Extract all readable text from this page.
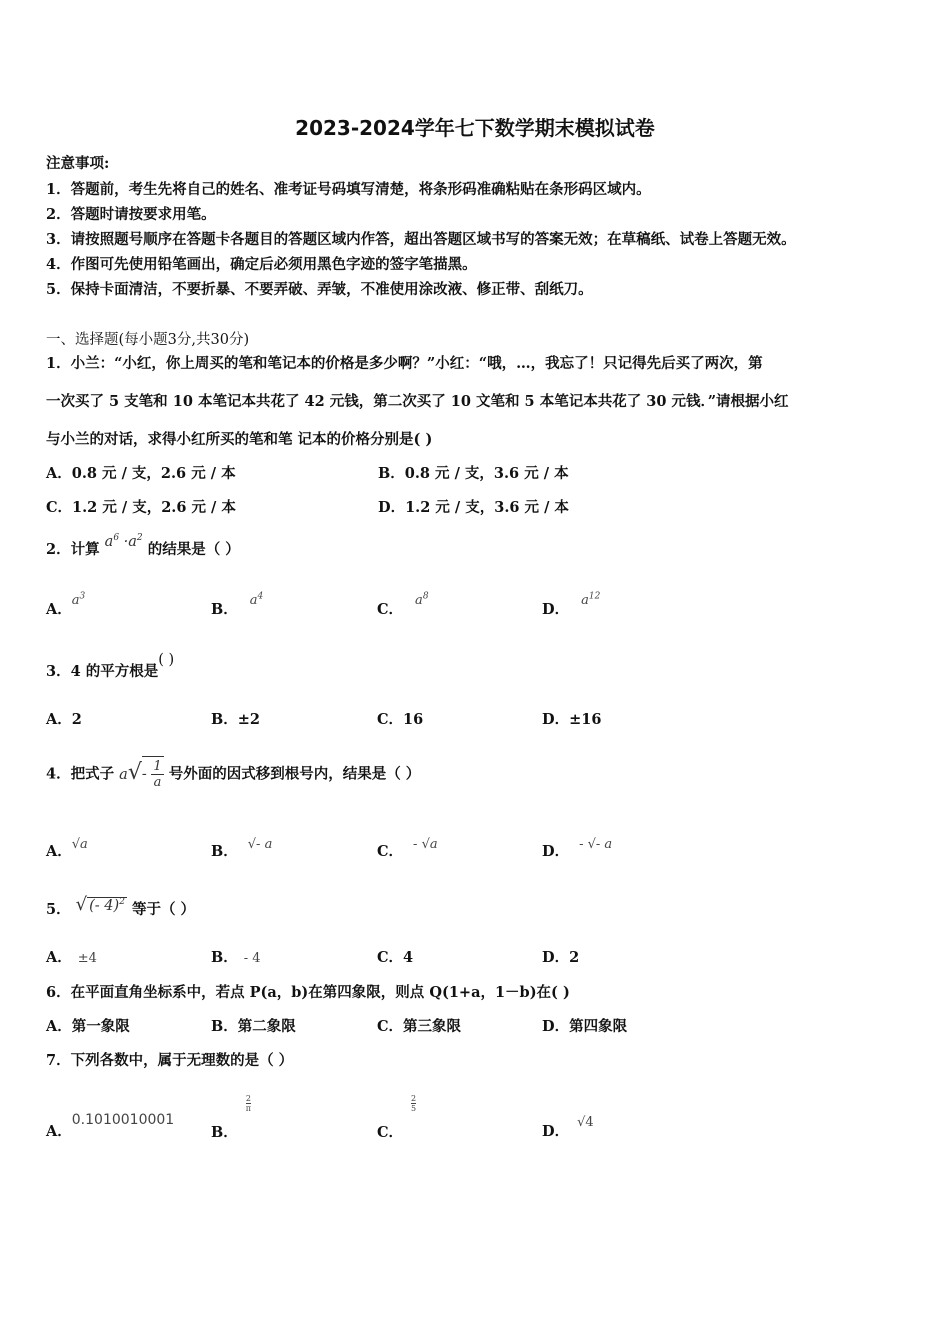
2023-2024学年七下数学期末模拟试卷
注意事项:
1．答题前，考生先将自己的姓名、准考证号码填写清楚，将条形码准确粘贴在条形码区域内。
2．答题时请按要求用笔。
3．请按照题号顺序在答题卡各题目的答题区域内作答，超出答题区域书写的答案无效；在草稿纸、试卷上答题无效。
4．作图可先使用铅笔画出，确定后必须用黑色字迹的签字笔描黑。
5．保持卡面清洁，不要折暴、不要弄破、弄皱，不准使用涂改液、修正带、刮纸刀。
一、选择题(每小题3分,共30分)
1．小兰：“小红，你上周买的笔和笔记本的价格是多少啊？”小红：“哦，…，我忘了！只记得先后买了两次，第
一次买了 5 支笔和 10 本笔记本共花了 42 元钱，第二次买了 10 文笔和 5 本笔记本共花了 30 元钱．”请根据小红
与小兰的对话，求得小红所买的笔和笔 记本的价格分别是( )
A．0.8 元 / 支，2.6 元 / 本	B．0.8 元 / 支，3.6 元 / 本
C．1.2 元 / 支，2.6 元 / 本	D．1.2 元 / 支，3.6 元 / 本
2．计算 $a^6 \cdot a^2$ 的结果是（ ）
A．$a^3$
B．$a^4$
C．$a^8$
D．$a^{12}$
3．4 的平方根是( )
A．2	B．±2	C．16	D．±16
4．把式子 $a√- \frac{1}{a}$ 号外面的因式移到根号内，结果是（ ）
A．√a	B． √- a	C． - √a	D． - √- a
5． √ (- 4)$^2$ 等于（ ）
A． ±4	B． - 4	C．4	D．2
6．在平面直角坐标系中，若点 P(a，b)在第四象限，则点 Q(1+a，1－b)在( )
A．第一象限	B．第二象限	C．第三象限	D．第四象限
7．下列各数中，属于无理数的是（ ）
A．0.1010010001
B．
$\frac{2}{\pi}$
C．
$\frac{2}{5}$
D．√4
